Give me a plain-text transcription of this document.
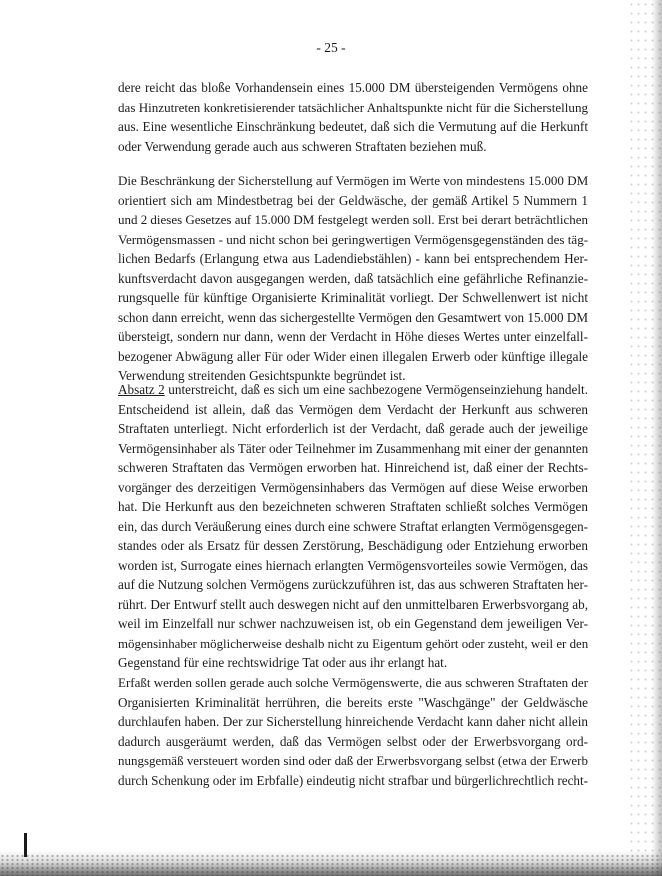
- 25 -
dere reicht das bloße Vorhandensein eines 15.000 DM übersteigenden Vermögens ohne
das Hinzutreten konkretisierender tatsächlicher Anhaltspunkte nicht für die Sicherstellung
aus. Eine wesentliche Einschränkung bedeutet, daß sich die Vermutung auf die Herkunft
oder Verwendung gerade auch aus schweren Straftaten beziehen muß.
Die Beschränkung der Sicherstellung auf Vermögen im Werte von mindestens 15.000 DM
orientiert sich am Mindestbetrag bei der Geldwäsche, der gemäß Artikel 5 Nummern 1
und 2 dieses Gesetzes auf 15.000 DM festgelegt werden soll. Erst bei derart beträchtlichen
Vermögensmassen - und nicht schon bei geringwertigen Vermögensgegenständen des täg-
lichen Bedarfs (Erlangung etwa aus Ladendiebstählen) - kann bei entsprechendem Her-
kunftsverdacht davon ausgegangen werden, daß tatsächlich eine gefährliche Refinanzie-
rungsquelle für künftige Organisierte Kriminalität vorliegt. Der Schwellenwert ist nicht
schon dann erreicht, wenn das sichergestellte Vermögen den Gesamtwert von 15.000 DM
übersteigt, sondern nur dann, wenn der Verdacht in Höhe dieses Wertes unter einzelfall-
bezogener Abwägung aller Für oder Wider einen illegalen Erwerb oder künftige illegale
Verwendung streitenden Gesichtspunkte begründet ist.
Absatz 2 unterstreicht, daß es sich um eine sachbezogene Vermögenseinziehung handelt.
Entscheidend ist allein, daß das Vermögen dem Verdacht der Herkunft aus schweren
Straftaten unterliegt. Nicht erforderlich ist der Verdacht, daß gerade auch der jeweilige
Vermögensinhaber als Täter oder Teilnehmer im Zusammenhang mit einer der genannten
schweren Straftaten das Vermögen erworben hat. Hinreichend ist, daß einer der Rechts-
vorgänger des derzeitigen Vermögensinhabers das Vermögen auf diese Weise erworben
hat. Die Herkunft aus den bezeichneten schweren Straftaten schließt solches Vermögen
ein, das durch Veräußerung eines durch eine schwere Straftat erlangten Vermögensgegen-
standes oder als Ersatz für dessen Zerstörung, Beschädigung oder Entziehung erworben
worden ist, Surrogate eines hiernach erlangten Vermögensvorteiles sowie Vermögen, das
auf die Nutzung solchen Vermögens zurückzuführen ist, das aus schweren Straftaten her-
rührt. Der Entwurf stellt auch deswegen nicht auf den unmittelbaren Erwerbsvorgang ab,
weil im Einzelfall nur schwer nachzuweisen ist, ob ein Gegenstand dem jeweiligen Ver-
mögensinhaber möglicherweise deshalb nicht zu Eigentum gehört oder zusteht, weil er den
Gegenstand für eine rechtswidrige Tat oder aus ihr erlangt hat.
Erfaßt werden sollen gerade auch solche Vermögenswerte, die aus schweren Straftaten der
Organisierten Kriminalität herrühren, die bereits erste "Waschgänge" der Geldwäsche
durchlaufen haben. Der zur Sicherstellung hinreichende Verdacht kann daher nicht allein
dadurch ausgeräumt werden, daß das Vermögen selbst oder der Erwerbsvorgang ord-
nungsgemäß versteuert worden sind oder daß der Erwerbsvorgang selbst (etwa der Erwerb
durch Schenkung oder im Erbfalle) eindeutig nicht strafbar und bürgerlichrechtlich recht-
